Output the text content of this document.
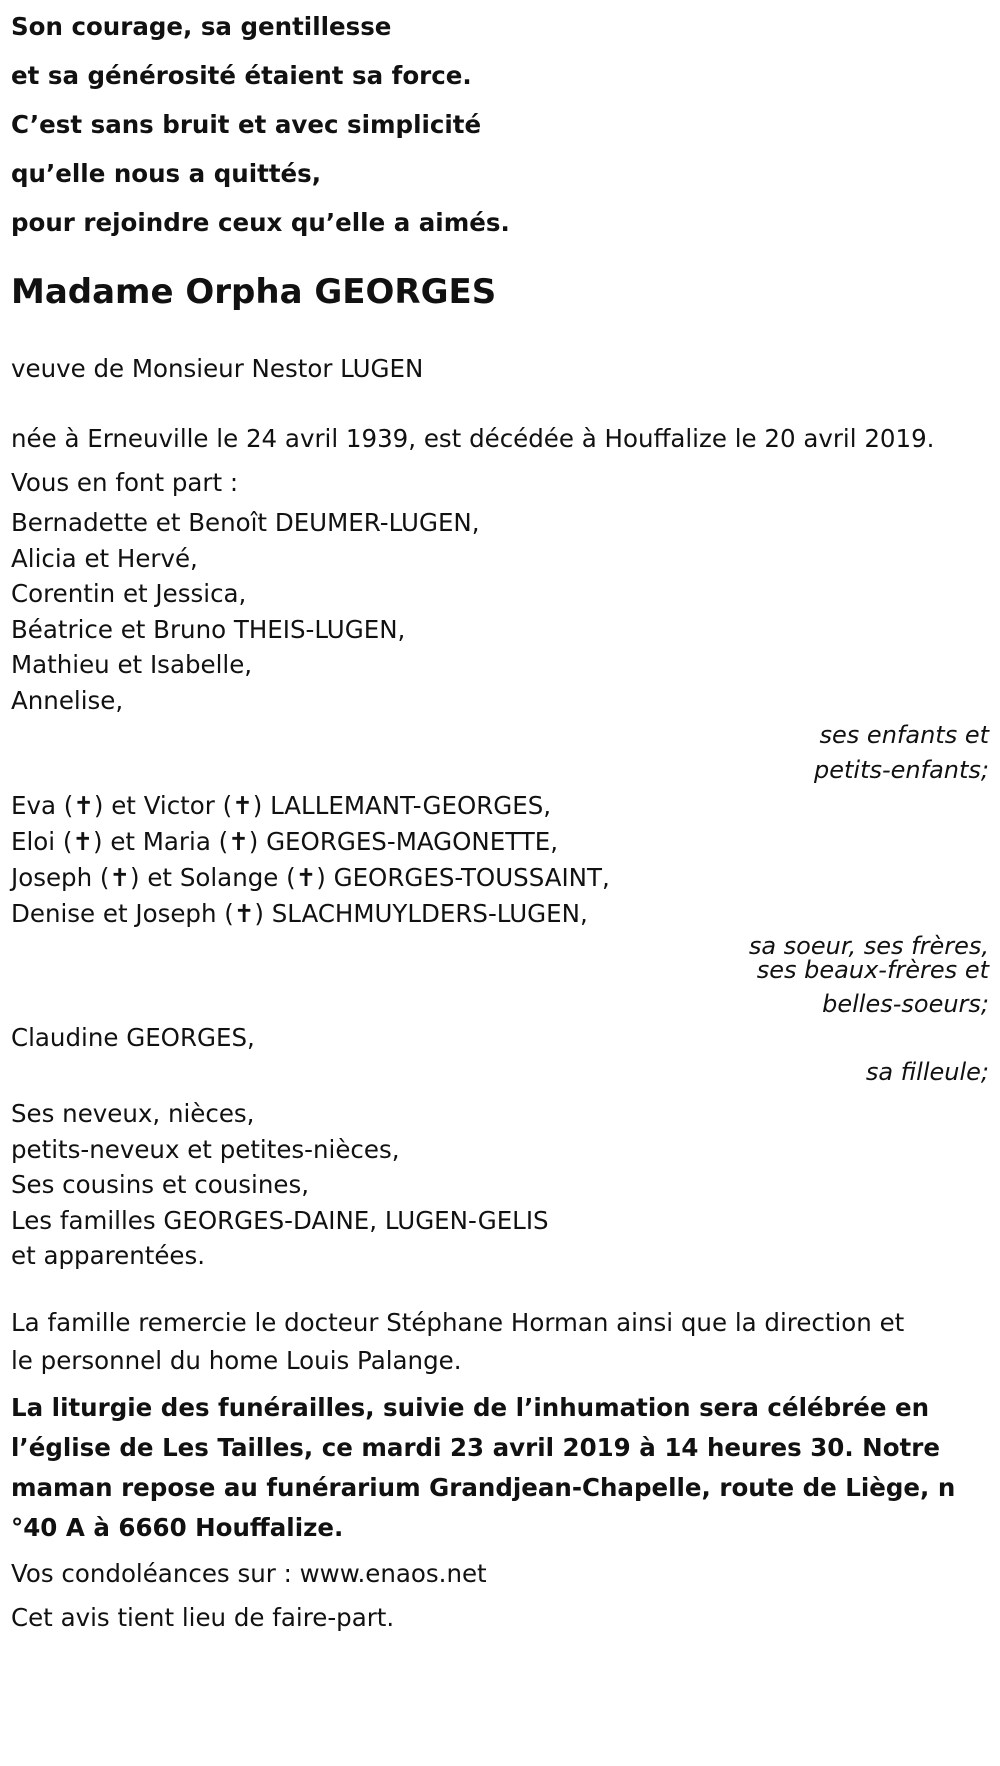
Son courage, sa gentillesse
et sa générosité étaient sa force.
C’est sans bruit et avec simplicité
qu’elle nous a quittés,
pour rejoindre ceux qu’elle a aimés.
Madame Orpha GEORGES
veuve de Monsieur Nestor LUGEN
née à Erneuville le 24 avril 1939, est décédée à Houffalize le 20 avril 2019.
Vous en font part :
Bernadette et Benoît DEUMER-LUGEN,
Alicia et Hervé,
Corentin et Jessica,
Béatrice et Bruno THEIS-LUGEN,
Mathieu et Isabelle,
Annelise,
ses enfants et
petits-enfants;
Eva (✝) et Victor (✝) LALLEMANT-GEORGES,
Eloi (✝) et Maria (✝) GEORGES-MAGONETTE,
Joseph (✝) et Solange (✝) GEORGES-TOUSSAINT,
Denise et Joseph (✝) SLACHMUYLDERS-LUGEN,
sa soeur, ses frères,
ses beaux-frères et
belles-soeurs;
Claudine GEORGES,
sa filleule;
Ses neveux, nièces,
petits-neveux et petites-nièces,
Ses cousins et cousines,
Les familles GEORGES-DAINE, LUGEN-GELIS
et apparentées.
La famille remercie le docteur Stéphane Horman ainsi que la direction et
le personnel du home Louis Palange.
La liturgie des funérailles, suivie de l’inhumation sera célébrée en
l’église de Les Tailles, ce mardi 23 avril 2019 à 14 heures 30. Notre
maman repose au funérarium Grandjean-Chapelle, route de Liège, n
°40 A à 6660 Houffalize.
Vos condoléances sur : www.enaos.net
Cet avis tient lieu de faire-part.
